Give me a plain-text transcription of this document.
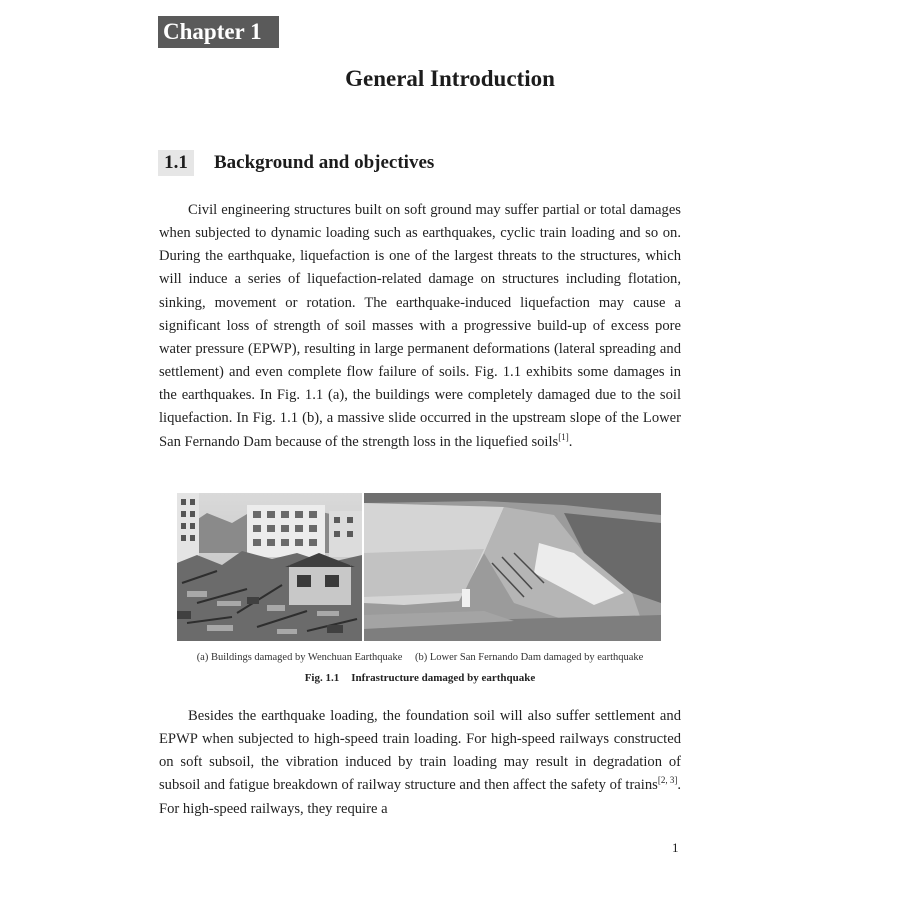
Chapter 1
General Introduction
1.1	Background and objectives

Civil engineering structures built on soft ground may suffer partial or total damages when subjected to dynamic loading such as earthquakes, cyclic train loading and so on. During the earthquake, liquefaction is one of the largest threats to the structures, which will induce a series of liquefaction-related damage on structures including flotation, sinking, movement or rotation. The earthquake-induced liquefaction may cause a significant loss of strength of soil masses with a progressive build-up of excess pore water pressure (EPWP), resulting in large permanent deformations (lateral spreading and settlement) and even complete flow failure of soils. Fig. 1.1 exhibits some damages in the earthquakes. In Fig. 1.1 (a), the buildings were completely damaged due to the soil liquefaction. In Fig. 1.1 (b), a massive slide occurred in the upstream slope of the Lower San Fernando Dam because of the strength loss in the liquefied soils[1].

(a) Buildings damaged by Wenchuan Earthquake (b) Lower San Fernando Dam damaged by earthquake
Fig. 1.1 Infrastructure damaged by earthquake

Besides the earthquake loading, the foundation soil will also suffer settlement and EPWP when subjected to high-speed train loading. For high-speed railways constructed on soft subsoil, the vibration induced by train loading may result in degradation of subsoil and fatigue breakdown of railway structure and then affect the safety of trains[2, 3]. For high-speed railways, they require a

1
